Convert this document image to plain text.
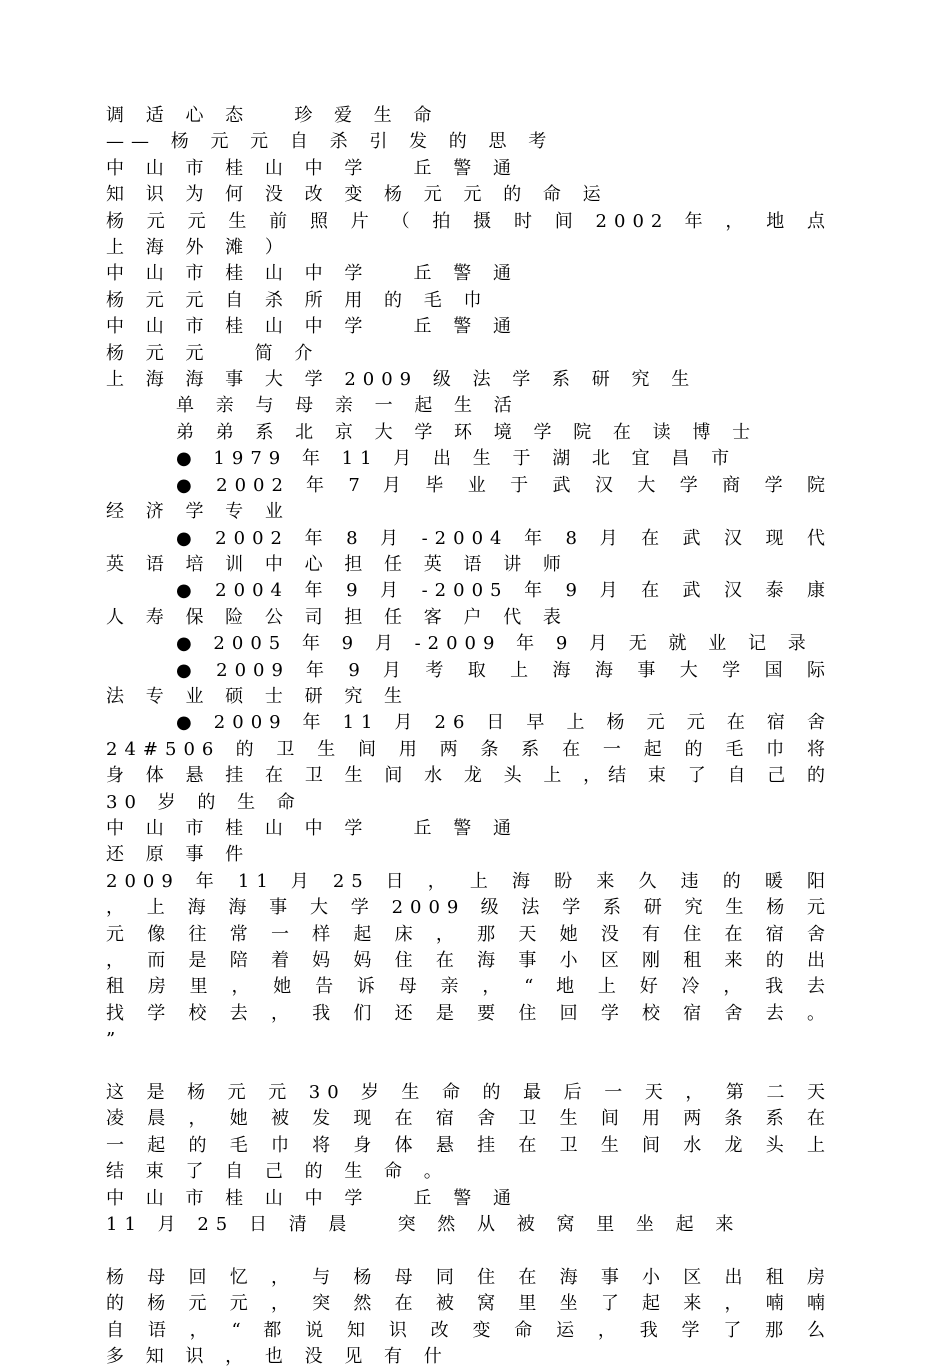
调 适 心 态   珍 爱 生 命

—— 杨 元 元 自 杀 引 发 的 思 考

中 山 市 桂 山 中 学   丘 警 通

知 识 为 何 没 改 变 杨 元 元 的 命 运

杨 元 元 生 前 照 片 （ 拍 摄 时 间 2002 年 ， 地 点 上 海 外 滩 ）

中 山 市 桂 山 中 学   丘 警 通

杨 元 元 自 杀 所 用 的 毛 巾

中 山 市 桂 山 中 学   丘 警 通

杨 元 元   简 介

上 海 海 事 大 学 2009 级 法 学 系 研 究 生

单 亲 与 母 亲 一 起 生 活

弟 弟 系 北 京 大 学 环 境 学 院 在 读 博 士

● 1979 年 11 月 出 生 于 湖 北 宜 昌 市

● 2002 年 7 月 毕 业 于 武 汉 大 学 商 学 院 经 济 学 专 业

● 2002 年 8 月 -2004 年 8 月 在 武 汉 现 代 英 语 培 训 中 心 担 任 英 语 讲 师

● 2004 年 9 月 -2005 年 9 月 在 武 汉 泰 康 人 寿 保 险 公 司 担 任 客 户 代 表

● 2005 年 9 月 -2009 年 9 月 无 就 业 记 录

● 2009 年 9 月 考 取 上 海 海 事 大 学 国 际 法 专 业 硕 士 研 究 生

● 2009 年 11 月 26 日 早 上 杨 元 元 在 宿 舍 24#506 的 卫 生 间 用 两 条 系 在 一 起 的 毛 巾 将 身 体 悬 挂 在 卫 生 间 水 龙 头 上 ，结 束 了 自 己 的 30 岁 的 生 命

中 山 市 桂 山 中 学   丘 警 通

还 原 事 件

2009 年 11 月 25 日 ， 上 海 盼 来 久 违 的 暖 阳 ， 上 海 海 事 大 学 2009 级 法 学 系 研 究 生 杨 元 元 像 往 常 一 样 起 床 ， 那 天 她 没 有 住 在 宿 舍 ， 而 是 陪 着 妈 妈 住 在 海 事 小 区 刚 租 来 的 出 租 房 里 ， 她 告 诉 母 亲 ， “ 地 上 好 冷 ， 我 去 找 学 校 去 ， 我 们 还 是 要 住 回 学 校 宿 舍 去 。 ”

这 是 杨 元 元 30 岁 生 命 的 最 后 一 天 ， 第 二 天 凌 晨 ， 她 被 发 现 在 宿 舍 卫 生 间 用 两 条 系 在 一 起 的 毛 巾 将 身 体 悬 挂 在 卫 生 间 水 龙 头 上 结 束 了 自 己 的 生 命 。

中 山 市 桂 山 中 学   丘 警 通

11 月 25 日 清 晨   突 然 从 被 窝 里 坐 起 来

杨 母 回 忆 ， 与 杨 母 同 住 在 海 事 小 区 出 租 房 的 杨 元 元 ， 突 然 在 被 窝 里 坐 了 起 来 ， 喃 喃 自 语 ， “ 都 说 知 识 改 变 命 运 ， 我 学 了 那 么 多 知 识 ， 也 没 见 有 什
